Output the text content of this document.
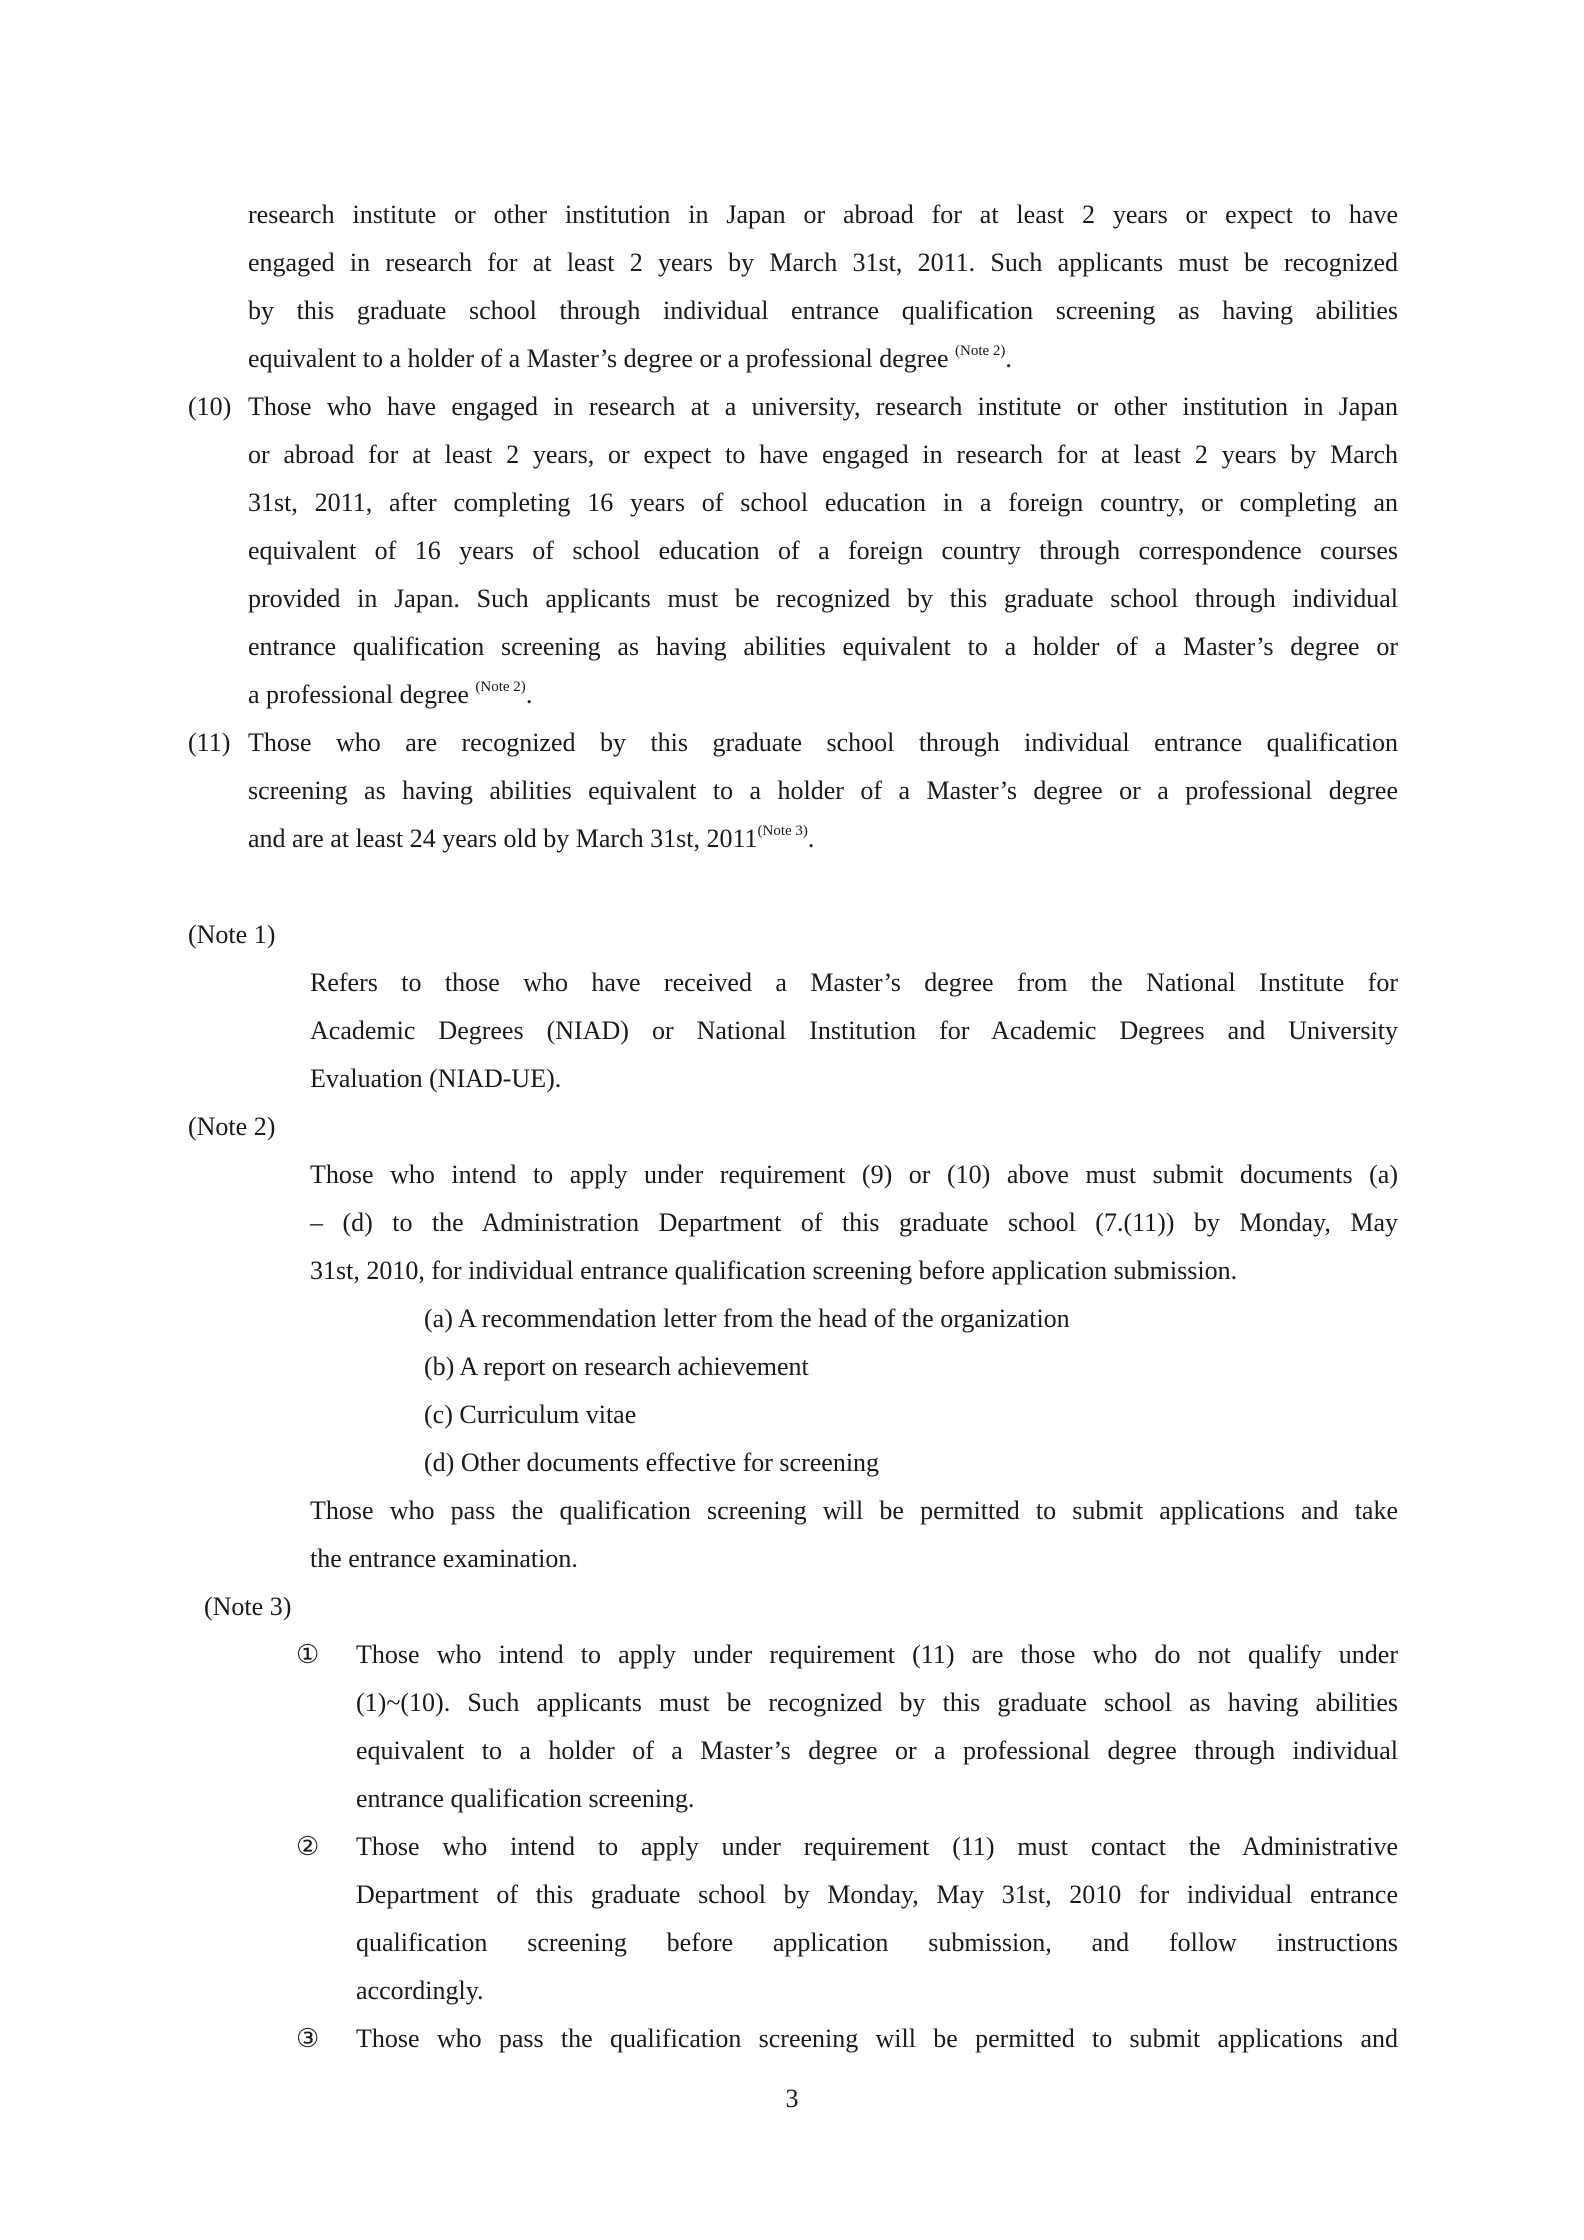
research institute or other institution in Japan or abroad for at least 2 years or expect to have
engaged in research for at least 2 years by March 31st, 2011. Such applicants must be recognized
by this graduate school through individual entrance qualification screening as having abilities
equivalent to a holder of a Master’s degree or a professional degree $^{(Note 2)}$.
(10) Those who have engaged in research at a university, research institute or other institution in Japan
or abroad for at least 2 years, or expect to have engaged in research for at least 2 years by March
31st, 2011, after completing 16 years of school education in a foreign country, or completing an
equivalent of 16 years of school education of a foreign country through correspondence courses
provided in Japan. Such applicants must be recognized by this graduate school through individual
entrance qualification screening as having abilities equivalent to a holder of a Master’s degree or
a professional degree $^{(Note 2)}$.
(11) Those who are recognized by this graduate school through individual entrance qualification
screening as having abilities equivalent to a holder of a Master’s degree or a professional degree
and are at least 24 years old by March 31st, $2011^{(Note 3)}$.
(Note 1)
Refers to those who have received a Master’s degree from the National Institute for
Academic Degrees (NIAD) or National Institution for Academic Degrees and University
Evaluation (NIAD-UE).
(Note 2)
Those who intend to apply under requirement (9) or (10) above must submit documents (a)
– (d) to the Administration Department of this graduate school (7.(11)) by Monday, May
31st, 2010, for individual entrance qualification screening before application submission.
(a) A recommendation letter from the head of the organization
(b) A report on research achievement
(c) Curriculum vitae
(d) Other documents effective for screening
Those who pass the qualification screening will be permitted to submit applications and take
the entrance examination.
(Note 3)
① Those who intend to apply under requirement (11) are those who do not qualify under
(1)~(10). Such applicants must be recognized by this graduate school as having abilities
equivalent to a holder of a Master’s degree or a professional degree through individual
entrance qualification screening.
② Those who intend to apply under requirement (11) must contact the Administrative
Department of this graduate school by Monday, May 31st, 2010 for individual entrance
qualification screening before application submission, and follow instructions
accordingly.
③ Those who pass the qualification screening will be permitted to submit applications and
3
